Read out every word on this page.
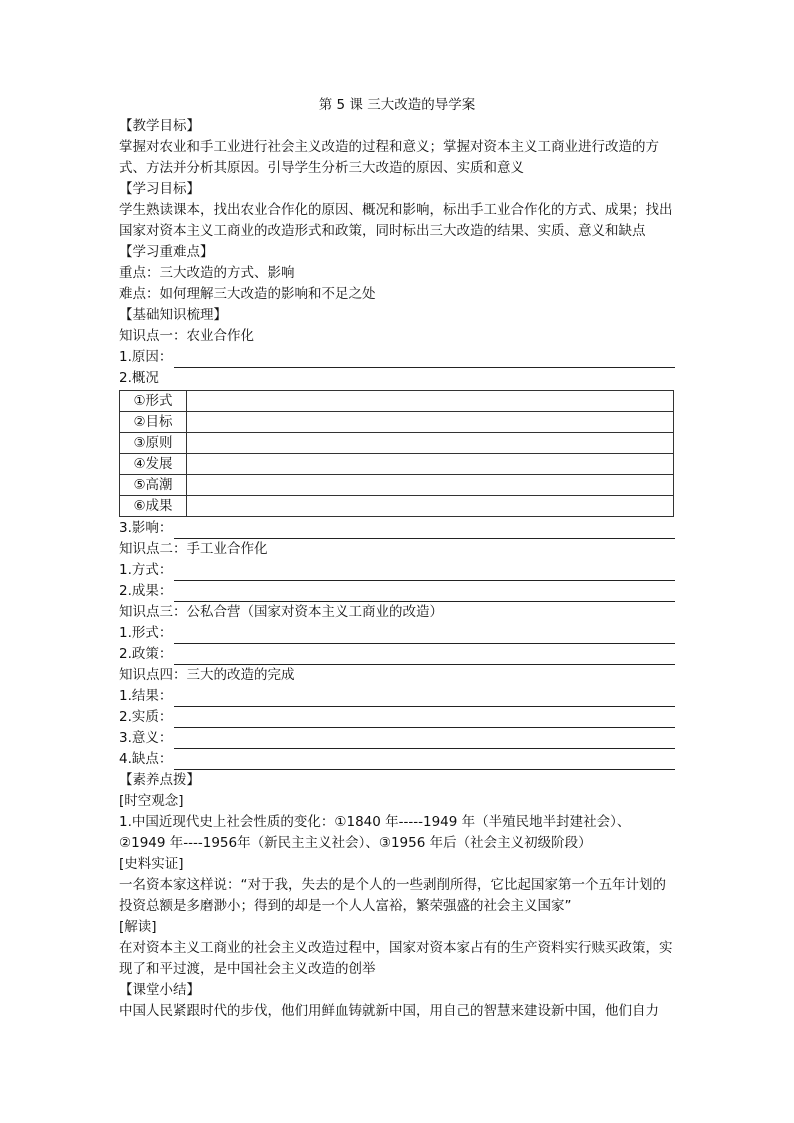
第 5 课 三大改造的导学案
【教学目标】
掌握对农业和手工业进行社会主义改造的过程和意义；掌握对资本主义工商业进行改造的方式、方法并分析其原因。引导学生分析三大改造的原因、实质和意义
【学习目标】
学生熟读课本，找出农业合作化的原因、概况和影响，标出手工业合作化的方式、成果；找出国家对资本主义工商业的改造形式和政策，同时标出三大改造的结果、实质、意义和缺点
【学习重难点】
重点：三大改造的方式、影响
难点：如何理解三大改造的影响和不足之处
【基础知识梳理】
知识点一：农业合作化
1.原因：
2.概况
①形式	
②目标	
③原则	
④发展	
⑤高潮	
⑥成果	
3.影响：
知识点二：手工业合作化
1.方式：
2.成果：
知识点三：公私合营（国家对资本主义工商业的改造）
1.形式：
2.政策：
知识点四：三大的改造的完成
1.结果：
2.实质：
3.意义：
4.缺点：
【素养点拨】
[时空观念]
1.中国近现代史上社会性质的变化：①1840 年-----1949 年（半殖民地半封建社会）、②1949 年----1956年（新民主主义社会）、③1956 年后（社会主义初级阶段）
[史料实证]
一名资本家这样说：“对于我，失去的是个人的一些剥削所得，它比起国家第一个五年计划的投资总额是多磨渺小；得到的却是一个人人富裕，繁荣强盛的社会主义国家”
[解读]
在对资本主义工商业的社会主义改造过程中，国家对资本家占有的生产资料实行赎买政策，实现了和平过渡，是中国社会主义改造的创举
【课堂小结】
中国人民紧跟时代的步伐，他们用鲜血铸就新中国，用自己的智慧来建设新中国，他们自力
